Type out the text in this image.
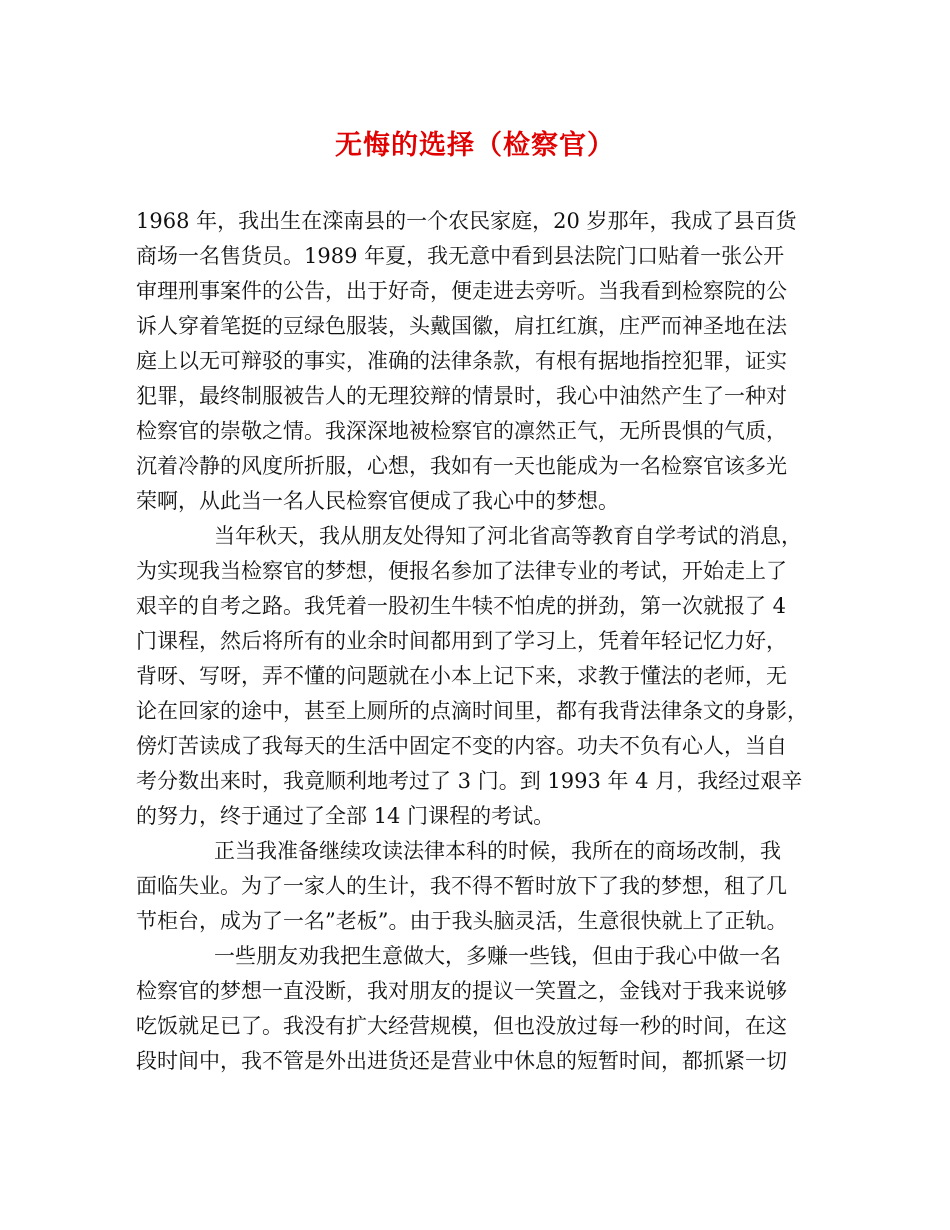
无悔的选择（检察官）
1968 年，我出生在滦南县的一个农民家庭，20 岁那年，我成了县百货
商场一名售货员。1989 年夏，我无意中看到县法院门口贴着一张公开
审理刑事案件的公告，出于好奇，便走进去旁听。当我看到检察院的公
诉人穿着笔挺的豆绿色服装，头戴国徽，肩扛红旗，庄严而神圣地在法
庭上以无可辩驳的事实，准确的法律条款，有根有据地指控犯罪，证实
犯罪，最终制服被告人的无理狡辩的情景时，我心中油然产生了一种对
检察官的崇敬之情。我深深地被检察官的凛然正气，无所畏惧的气质，
沉着冷静的风度所折服，心想，我如有一天也能成为一名检察官该多光
荣啊，从此当一名人民检察官便成了我心中的梦想。
当年秋天，我从朋友处得知了河北省高等教育自学考试的消息，
为实现我当检察官的梦想，便报名参加了法律专业的考试，开始走上了
艰辛的自考之路。我凭着一股初生牛犊不怕虎的拼劲，第一次就报了 4
门课程，然后将所有的业余时间都用到了学习上，凭着年轻记忆力好，
背呀、写呀，弄不懂的问题就在小本上记下来，求教于懂法的老师，无
论在回家的途中，甚至上厕所的点滴时间里，都有我背法律条文的身影，
傍灯苦读成了我每天的生活中固定不变的内容。功夫不负有心人，当自
考分数出来时，我竟顺利地考过了 3 门。到 1993 年 4 月，我经过艰辛
的努力，终于通过了全部 14 门课程的考试。
正当我准备继续攻读法律本科的时候，我所在的商场改制，我
面临失业。为了一家人的生计，我不得不暂时放下了我的梦想，租了几
节柜台，成为了一名”老板”。由于我头脑灵活，生意很快就上了正轨。
一些朋友劝我把生意做大，多赚一些钱，但由于我心中做一名
检察官的梦想一直没断，我对朋友的提议一笑置之，金钱对于我来说够
吃饭就足已了。我没有扩大经营规模，但也没放过每一秒的时间，在这
段时间中，我不管是外出进货还是营业中休息的短暂时间，都抓紧一切
